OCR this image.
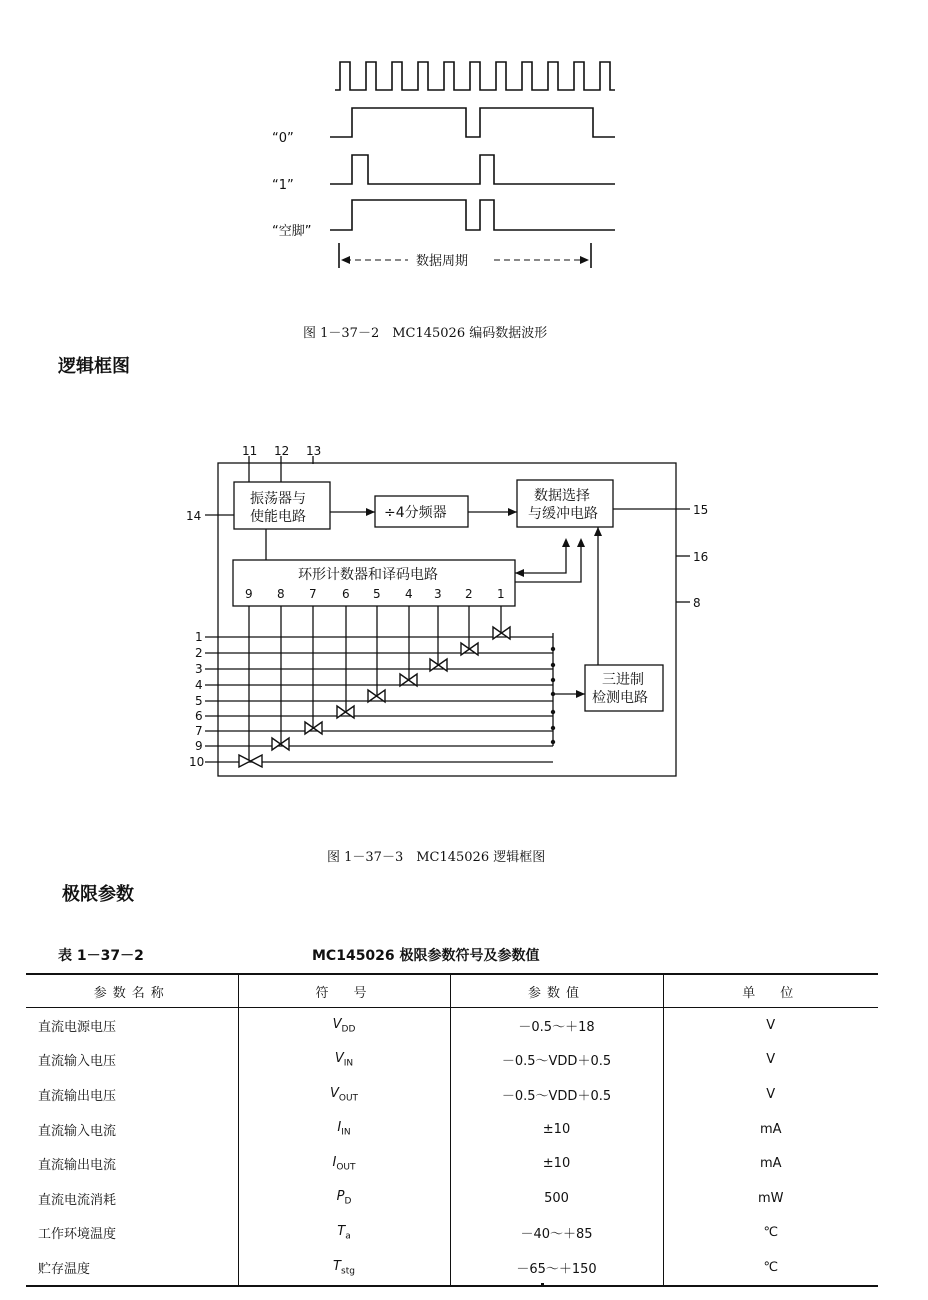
“0”
“1”
“空脚”
数据周期
图 1－37－2　MC145026 编码数据波形
逻辑框图
振荡器与
使能电路	÷4分频器
数据选择
与缓冲电路
环形计数器和译码电路
三进制
检测电路
11 12 13
14	15
16
8
9 8 7 6 5 4 3 2 1
1
2
3
4
5
6
7
9
10
图 1－37－3　MC145026 逻辑框图
极限参数
表 1－37－2	MC145026 极限参数符号及参数值
参数名称	符　号	参数值	单　位
直流电源电压	$V_{DD}$	－0.5～＋18	V
直流输入电压	$V_{IN}$	－0.5～VDD＋0.5	V
直流输出电压	$V_{OUT}$	－0.5～VDD＋0.5	V
直流输入电流	$I_{IN}$	±10	mA
直流输出电流	$I_{OUT}$	±10	mA
直流电流消耗	$P_D$	500	mW
工作环境温度	$T_a$	－40～＋85	℃
贮存温度	$T_{stg}$	－65～＋150	℃
